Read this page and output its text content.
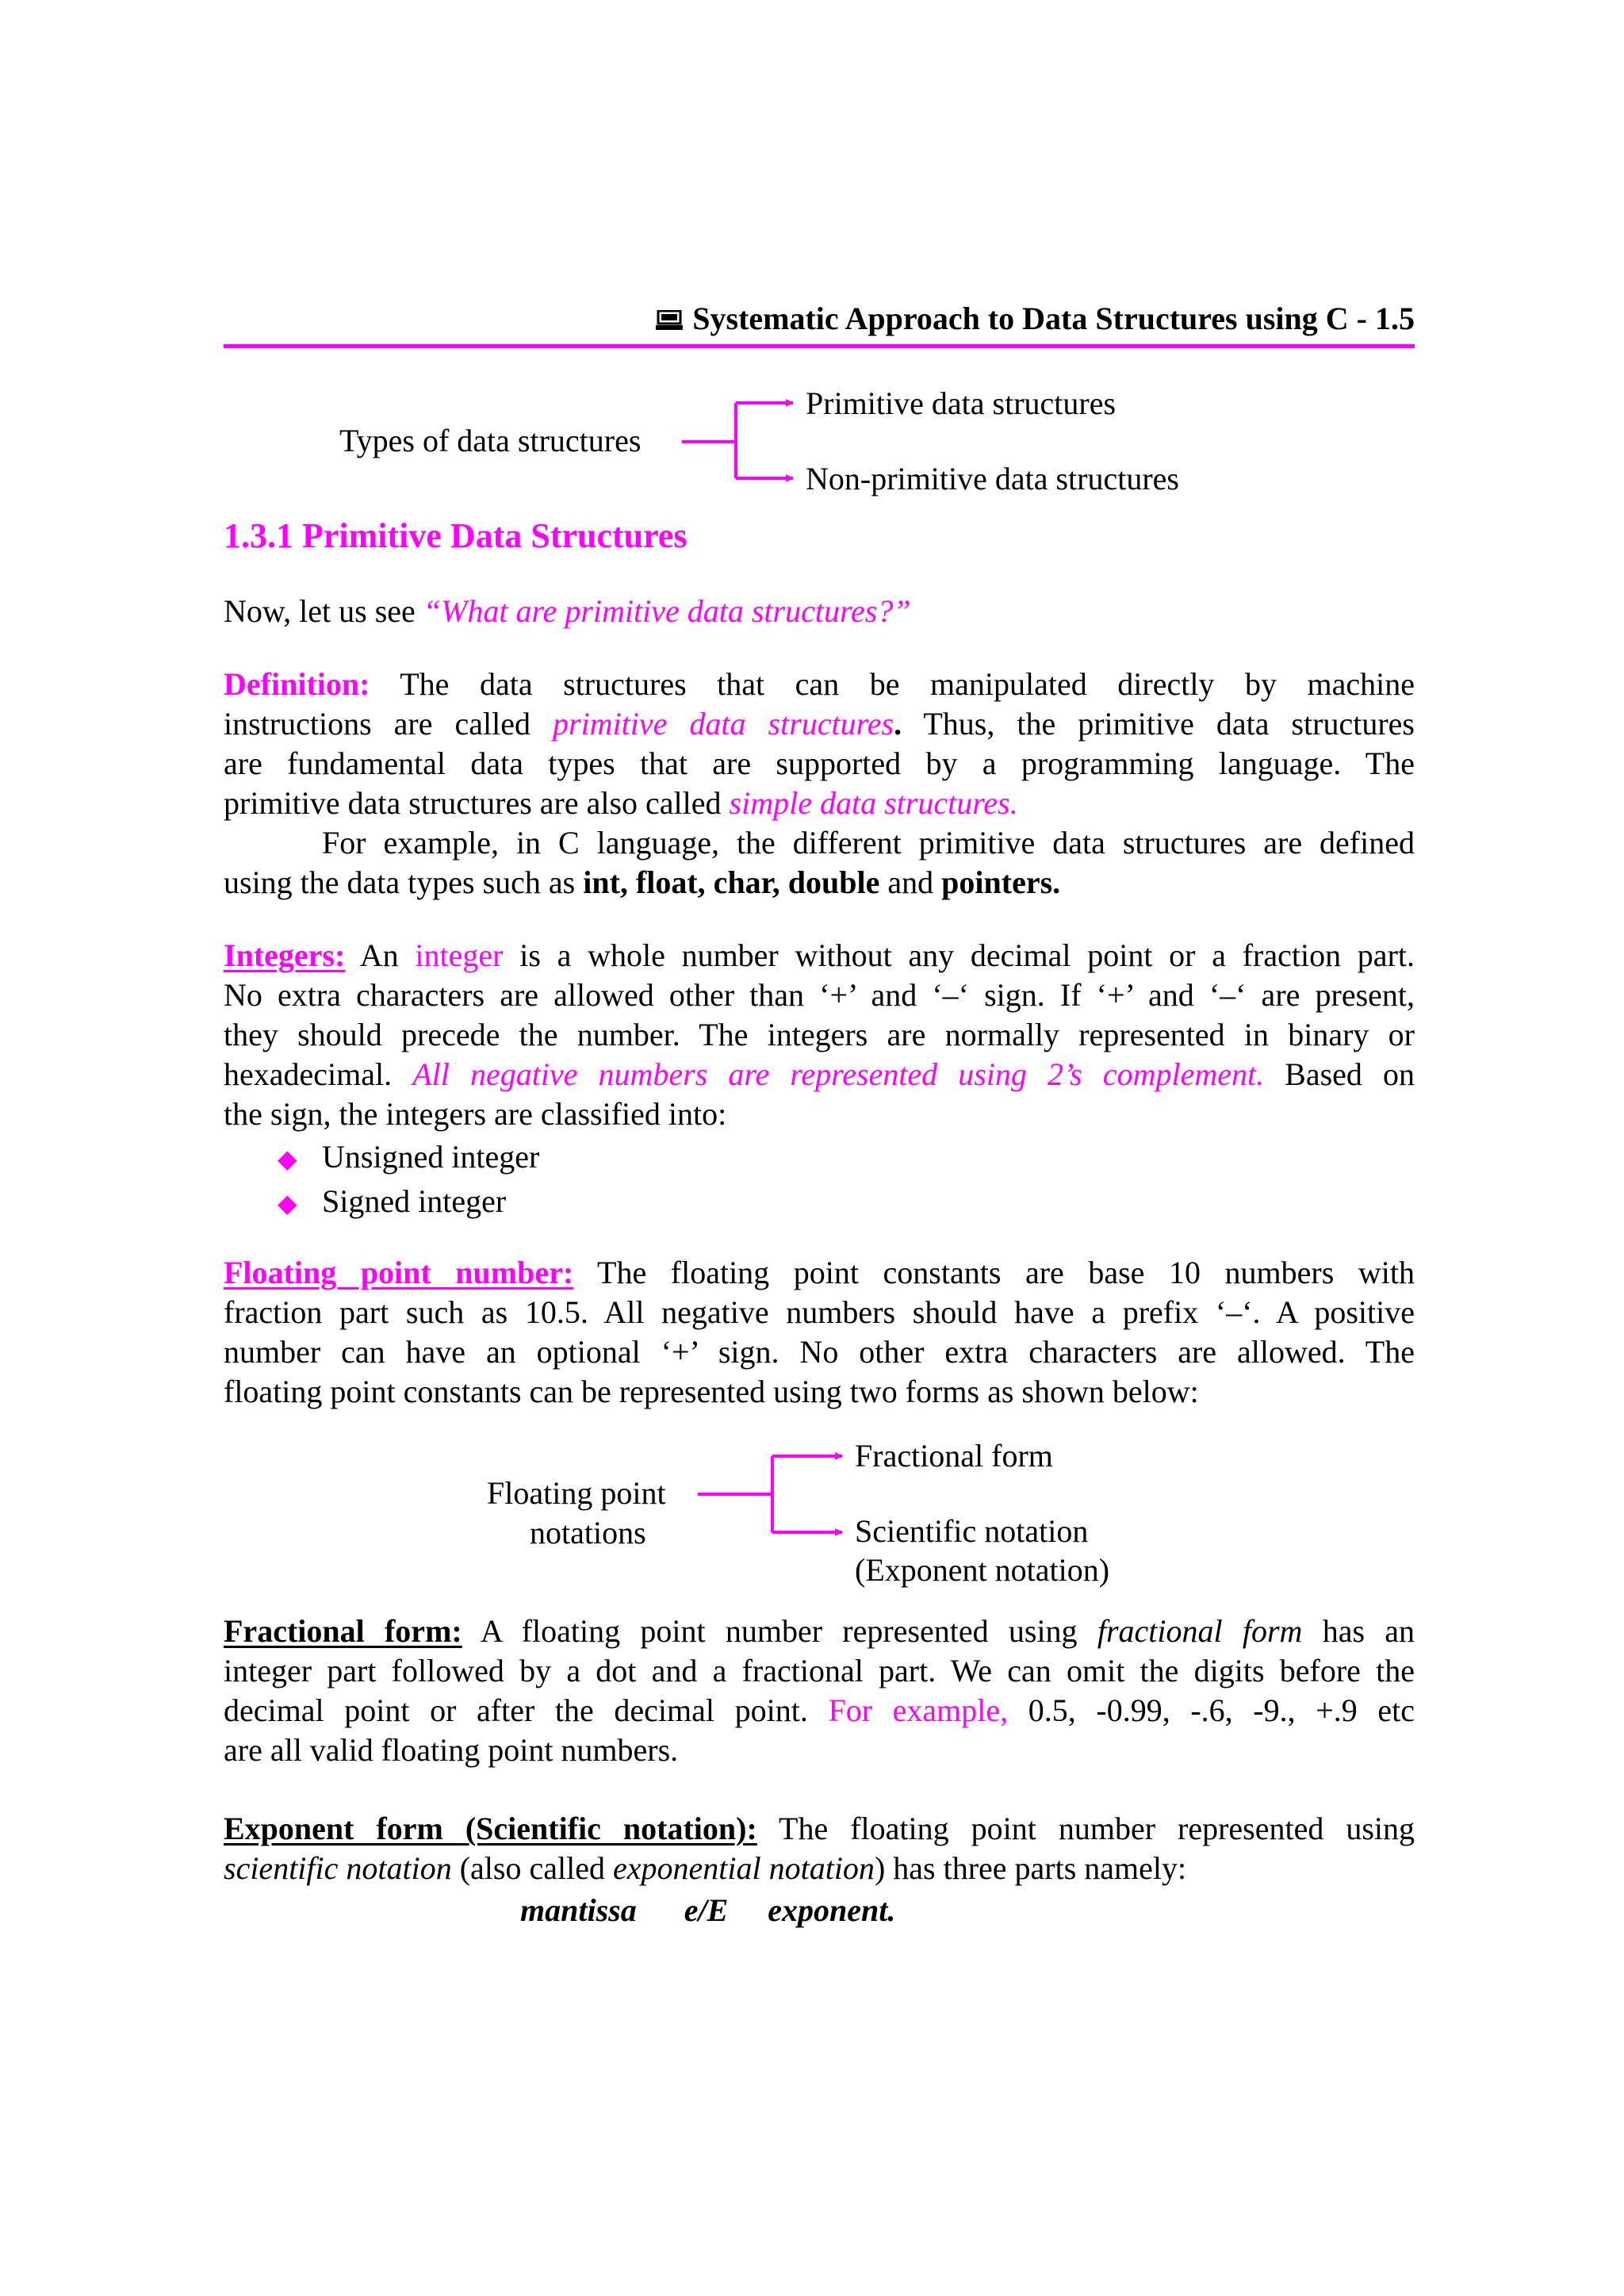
Systematic Approach to Data Structures using C - 1.5
Types of data structures
Primitive data structures
Non-primitive data structures
1.3.1 Primitive Data Structures
Now, let us see “What are primitive data structures?”
Definition: The data structures that can be manipulated directly by machine
instructions are called primitive data structures. Thus, the primitive data structures
are fundamental data types that are supported by a programming language. The
primitive data structures are also called simple data structures.
For example, in C language, the different primitive data structures are defined
using the data types such as int, float, char, double and pointers.
Integers: An integer is a whole number without any decimal point or a fraction part.
No extra characters are allowed other than ‘+’ and ‘–‘ sign. If ‘+’ and ‘–‘ are present,
they should precede the number. The integers are normally represented in binary or
hexadecimal. All negative numbers are represented using 2’s complement. Based on
the sign, the integers are classified into:
◆ Unsigned integer
◆ Signed integer
Floating point number: The floating point constants are base 10 numbers with
fraction part such as 10.5. All negative numbers should have a prefix ‘–‘. A positive
number can have an optional ‘+’ sign. No other extra characters are allowed. The
floating point constants can be represented using two forms as shown below:
Floating point
notations
Fractional form
Scientific notation
(Exponent notation)
Fractional form: A floating point number represented using fractional form has an
integer part followed by a dot and a fractional part. We can omit the digits before the
decimal point or after the decimal point. For example, 0.5, -0.99, -.6, -9., +.9 etc
are all valid floating point numbers.
Exponent form (Scientific notation): The floating point number represented using
scientific notation (also called exponential notation) has three parts namely:
mantissa      e/E     exponent.
